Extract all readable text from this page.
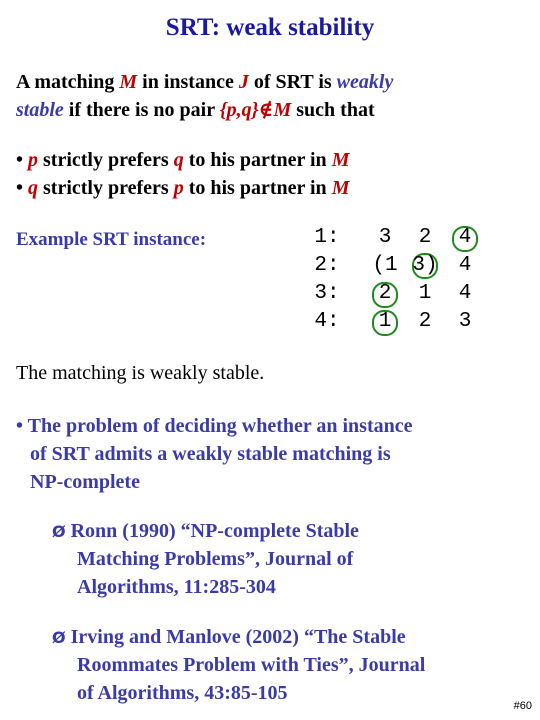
SRT: weak stability
A matching M in instance J of SRT is weakly
stable if there is no pair {p,q}∉M such that
• p strictly prefers q to his partner in M
• q strictly prefers p to his partner in M
Example SRT instance:	1:	3	2	4
2: (1 3)	4
3:	2	1	4
4:	1	2	3
The matching is weakly stable.
• The problem of deciding whether an instance
of SRT admits a weakly stable matching is
NP-complete
Ø Ronn (1990) “NP-complete Stable
Matching Problems”, Journal of
Algorithms, 11:285-304
Ø Irving and Manlove (2002) “The Stable
Roommates Problem with Ties”, Journal
of Algorithms, 43:85-105
#60
